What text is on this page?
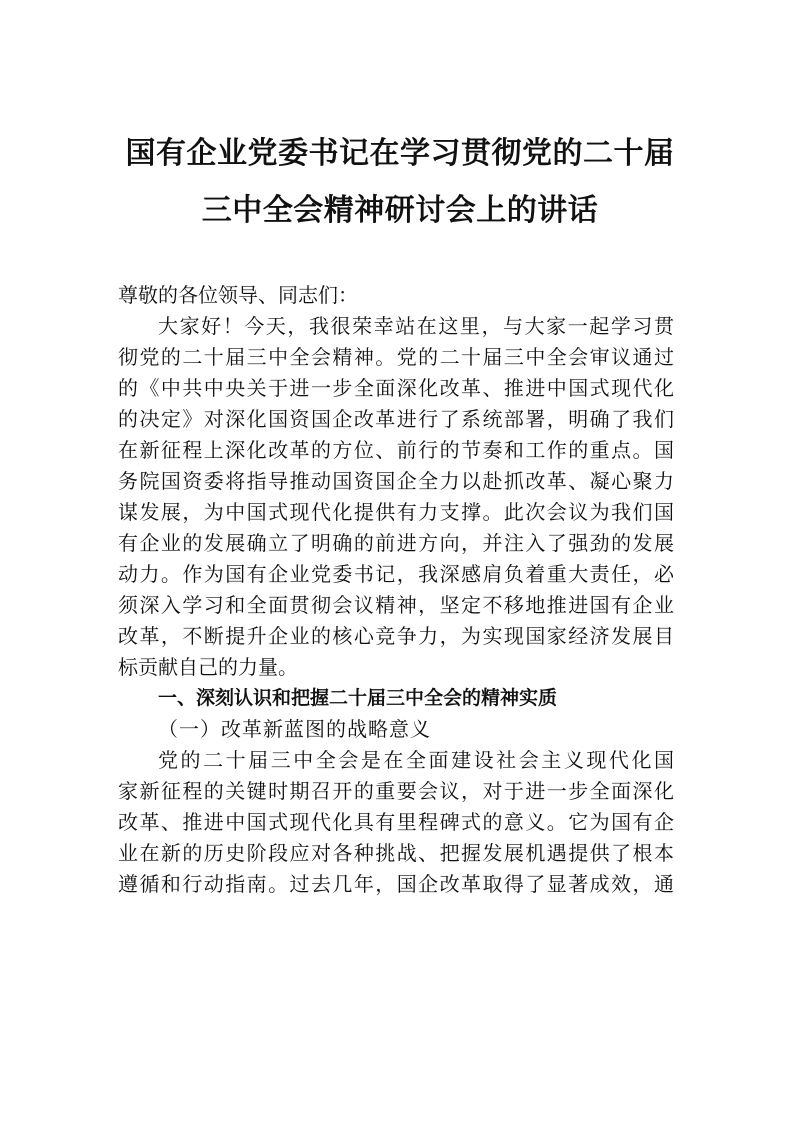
国有企业党委书记在学习贯彻党的二十届
三中全会精神研讨会上的讲话
尊敬的各位领导、同志们：
大家好！今天，我很荣幸站在这里，与大家一起学习贯
彻党的二十届三中全会精神。党的二十届三中全会审议通过
的《中共中央关于进一步全面深化改革、推进中国式现代化
的决定》对深化国资国企改革进行了系统部署，明确了我们
在新征程上深化改革的方位、前行的节奏和工作的重点。国
务院国资委将指导推动国资国企全力以赴抓改革、凝心聚力
谋发展，为中国式现代化提供有力支撑。此次会议为我们国
有企业的发展确立了明确的前进方向，并注入了强劲的发展
动力。作为国有企业党委书记，我深感肩负着重大责任，必
须深入学习和全面贯彻会议精神，坚定不移地推进国有企业
改革，不断提升企业的核心竞争力，为实现国家经济发展目
标贡献自己的力量。
一、深刻认识和把握二十届三中全会的精神实质
（一）改革新蓝图的战略意义
党的二十届三中全会是在全面建设社会主义现代化国
家新征程的关键时期召开的重要会议，对于进一步全面深化
改革、推进中国式现代化具有里程碑式的意义。它为国有企
业在新的历史阶段应对各种挑战、把握发展机遇提供了根本
遵循和行动指南。过去几年，国企改革取得了显著成效，通
